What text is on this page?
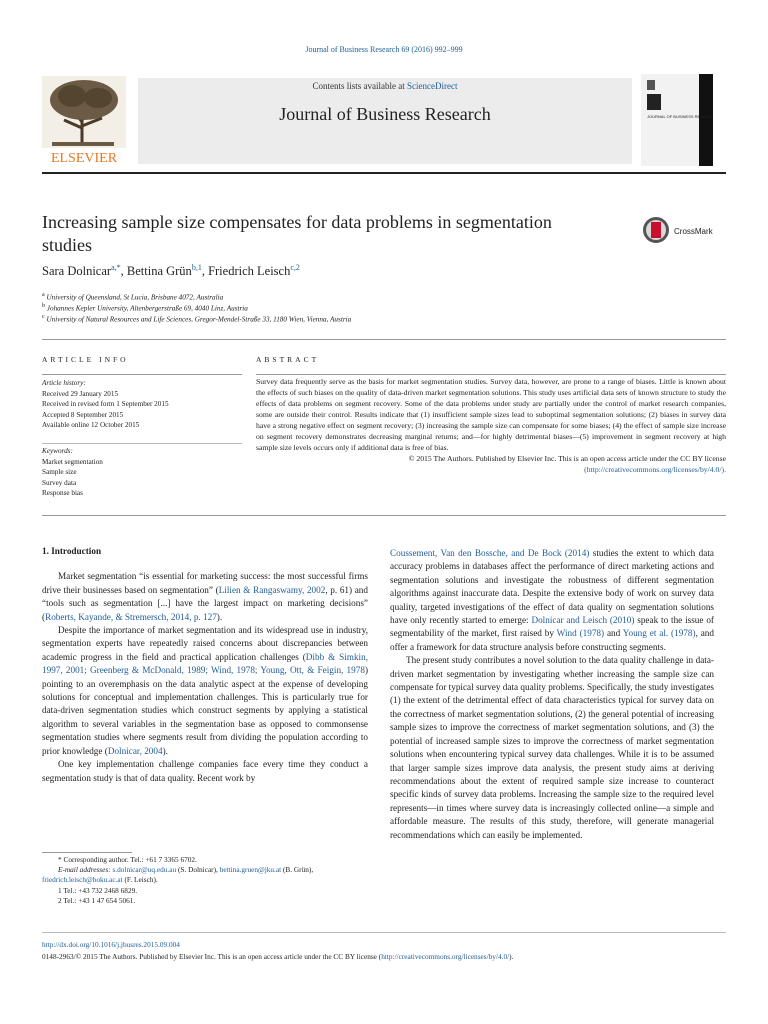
Journal of Business Research 69 (2016) 992–999
ELSEVIER
Contents lists available at ScienceDirect
Journal of Business Research	JOURNAL OF BUSINESS RESEARCH
Increasing sample size compensates for data problems in segmentation studies
CrossMark
Sara Dolnicar$^{a,*}$, Bettina Grün$^{b,1}$, Friedrich Leisch$^{c,2}$
$^a$ University of Queensland, St Lucia, Brisbane 4072, Australia
$^b$ Johannes Kepler University, Altenbergerstraße 69, 4040 Linz, Austria
$^c$ University of Natural Resources and Life Sciences, Gregor-Mendel-Straße 33, 1180 Wien, Vienna, Austria
ARTICLE INFO
Article history:
Received 29 January 2015
Received in revised form 1 September 2015
Accepted 8 September 2015
Available online 12 October 2015
Keywords:
Market segmentation
Sample size
Survey data
Response bias
ABSTRACT
Survey data frequently serve as the basis for market segmentation studies. Survey data, however, are prone to a range of biases. Little is known about the effects of such biases on the quality of data-driven market segmentation solutions. This study uses artificial data sets of known structure to study the effects of data problems on segment recovery. Some of the data problems under study are partially under the control of market research companies, some are outside their control. Results indicate that (1) insufficient sample sizes lead to suboptimal segmentation solutions; (2) biases in survey data have a strong negative effect on segment recovery; (3) increasing the sample size can compensate for some biases; (4) the effect of sample size increase on segment recovery demonstrates decreasing marginal returns; and—for highly detrimental biases—(5) improvement in segment recovery at high sample size levels occurs only if additional data is free of bias.
© 2015 The Authors. Published by Elsevier Inc. This is an open access article under the CC BY license
(http://creativecommons.org/licenses/by/4.0/).
1. Introduction

Market segmentation “is essential for marketing success: the most successful firms drive their businesses based on segmentation” (Lilien & Rangaswamy, 2002, p. 61) and “tools such as segmentation [...] have the largest impact on marketing decisions” (Roberts, Kayande, & Stremersch, 2014, p. 127).

Despite the importance of market segmentation and its widespread use in industry, segmentation experts have repeatedly raised concerns about discrepancies between academic progress in the field and practical application challenges (Dibb & Simkin, 1997, 2001; Greenberg & McDonald, 1989; Wind, 1978; Young, Ott, & Feigin, 1978) pointing to an overemphasis on the data analytic aspect at the expense of developing solutions for conceptual and implementation challenges. This is particularly true for data-driven segmentation studies which construct segments by applying a statistical algorithm to several variables in the segmentation base as opposed to commonsense segmentation studies where segments result from dividing the population according to prior knowledge (Dolnicar, 2004).

One key implementation challenge companies face every time they conduct a segmentation study is that of data quality. Recent work by

Coussement, Van den Bossche, and De Bock (2014) studies the extent to which data accuracy problems in databases affect the performance of direct marketing actions and segmentation solutions and investigate the robustness of different segmentation algorithms against inaccurate data. Despite the extensive body of work on survey data quality, targeted investigations of the effect of data quality on segmentation solutions have only recently started to emerge: Dolnicar and Leisch (2010) speak to the issue of segmentability of the market, first raised by Wind (1978) and Young et al. (1978), and offer a framework for data structure analysis before constructing segments.

The present study contributes a novel solution to the data quality challenge in data-driven market segmentation by investigating whether increasing the sample size can compensate for typical survey data quality problems. Specifically, the study investigates (1) the extent of the detrimental effect of data characteristics typical for survey data on the correctness of market segmentation solutions, (2) the general potential of increasing sample sizes to improve the correctness of market segmentation solutions, and (3) the potential of increased sample sizes to improve the correctness of market segmentation solutions when encountering typical survey data challenges. While it is to be assumed that larger sample sizes improve data analysis, the present study aims at deriving recommendations about the extent of required sample size increase to counteract specific kinds of survey data problems. Increasing the sample size to the required level represents—in times where survey data is increasingly collected online—a simple and affordable measure. The results of this study, therefore, will generate managerial recommendations which can easily be implemented.

* Corresponding author. Tel.: +61 7 3365 6702.
E-mail addresses: s.dolnicar@uq.edu.au (S. Dolnicar), bettina.gruen@jku.at (B. Grün),
friedrich.leisch@boku.ac.at (F. Leisch).
1 Tel.: +43 732 2468 6829.
2 Tel.: +43 1 47 654 5061.
http://dx.doi.org/10.1016/j.jbusres.2015.09.004
0148-2963/© 2015 The Authors. Published by Elsevier Inc. This is an open access article under the CC BY license (http://creativecommons.org/licenses/by/4.0/).
